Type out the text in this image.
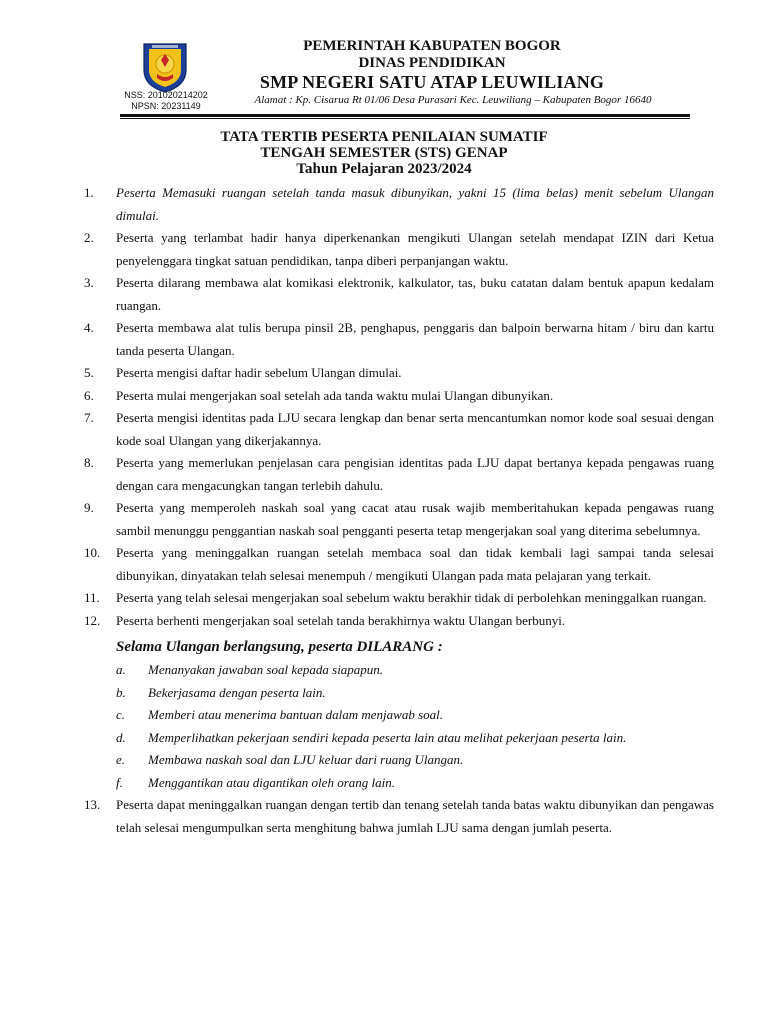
NSS: 201020214202
NPSN: 20231149
PEMERINTAH KABUPATEN BOGOR
DINAS PENDIDIKAN
SMP NEGERI SATU ATAP LEUWILIANG
Alamat : Kp. Cisarua Rt 01/06 Desa Purasari Kec. Leuwiliang – Kabupaten Bogor 16640
TATA TERTIB PESERTA PENILAIAN SUMATIF
TENGAH SEMESTER (STS) GENAP
Tahun Pelajaran 2023/2024
1.	Peserta Memasuki ruangan setelah tanda masuk dibunyikan, yakni 15 (lima belas) menit sebelum Ulangan dimulai.
2.	Peserta yang terlambat hadir hanya diperkenankan mengikuti Ulangan setelah mendapat IZIN dari Ketua penyelenggara tingkat satuan pendidikan, tanpa diberi perpanjangan waktu.
3.	Peserta dilarang membawa alat komikasi elektronik, kalkulator, tas, buku catatan dalam bentuk apapun kedalam ruangan.
4.	Peserta membawa alat tulis berupa pinsil 2B, penghapus, penggaris dan balpoin berwarna hitam / biru dan kartu tanda peserta Ulangan.
5.	Peserta mengisi daftar hadir sebelum Ulangan dimulai.
6.	Peserta mulai mengerjakan soal setelah ada tanda waktu mulai Ulangan dibunyikan.
7.	Peserta mengisi identitas pada LJU secara lengkap dan benar serta mencantumkan nomor kode soal sesuai dengan kode soal Ulangan yang dikerjakannya.
8.	Peserta yang memerlukan penjelasan cara pengisian identitas pada LJU dapat bertanya kepada pengawas ruang dengan cara mengacungkan tangan terlebih dahulu.
9.	Peserta yang memperoleh naskah soal yang cacat atau rusak wajib memberitahukan kepada pengawas ruang sambil menunggu penggantian naskah soal pengganti peserta tetap mengerjakan soal yang diterima sebelumnya.
10.	Peserta yang meninggalkan ruangan setelah membaca soal dan tidak kembali lagi sampai tanda selesai dibunyikan, dinyatakan telah selesai menempuh / mengikuti Ulangan pada mata pelajaran yang terkait.
11.	Peserta yang telah selesai mengerjakan soal sebelum waktu berakhir tidak di perbolehkan meninggalkan ruangan.
12.	Peserta berhenti mengerjakan soal setelah tanda berakhirnya waktu Ulangan berbunyi.
Selama Ulangan berlangsung, peserta DILARANG :
a.	Menanyakan jawaban soal kepada siapapun.
b.	Bekerjasama dengan peserta lain.
c.	Memberi atau menerima bantuan dalam menjawab soal.
d.	Memperlihatkan pekerjaan sendiri kepada peserta lain atau melihat pekerjaan peserta lain.
e.	Membawa naskah soal dan LJU keluar dari ruang Ulangan.
f.	Menggantikan atau digantikan oleh orang lain.
13.	Peserta dapat meninggalkan ruangan dengan tertib dan tenang setelah tanda batas waktu dibunyikan dan pengawas telah selesai mengumpulkan serta menghitung bahwa jumlah LJU sama dengan jumlah peserta.
